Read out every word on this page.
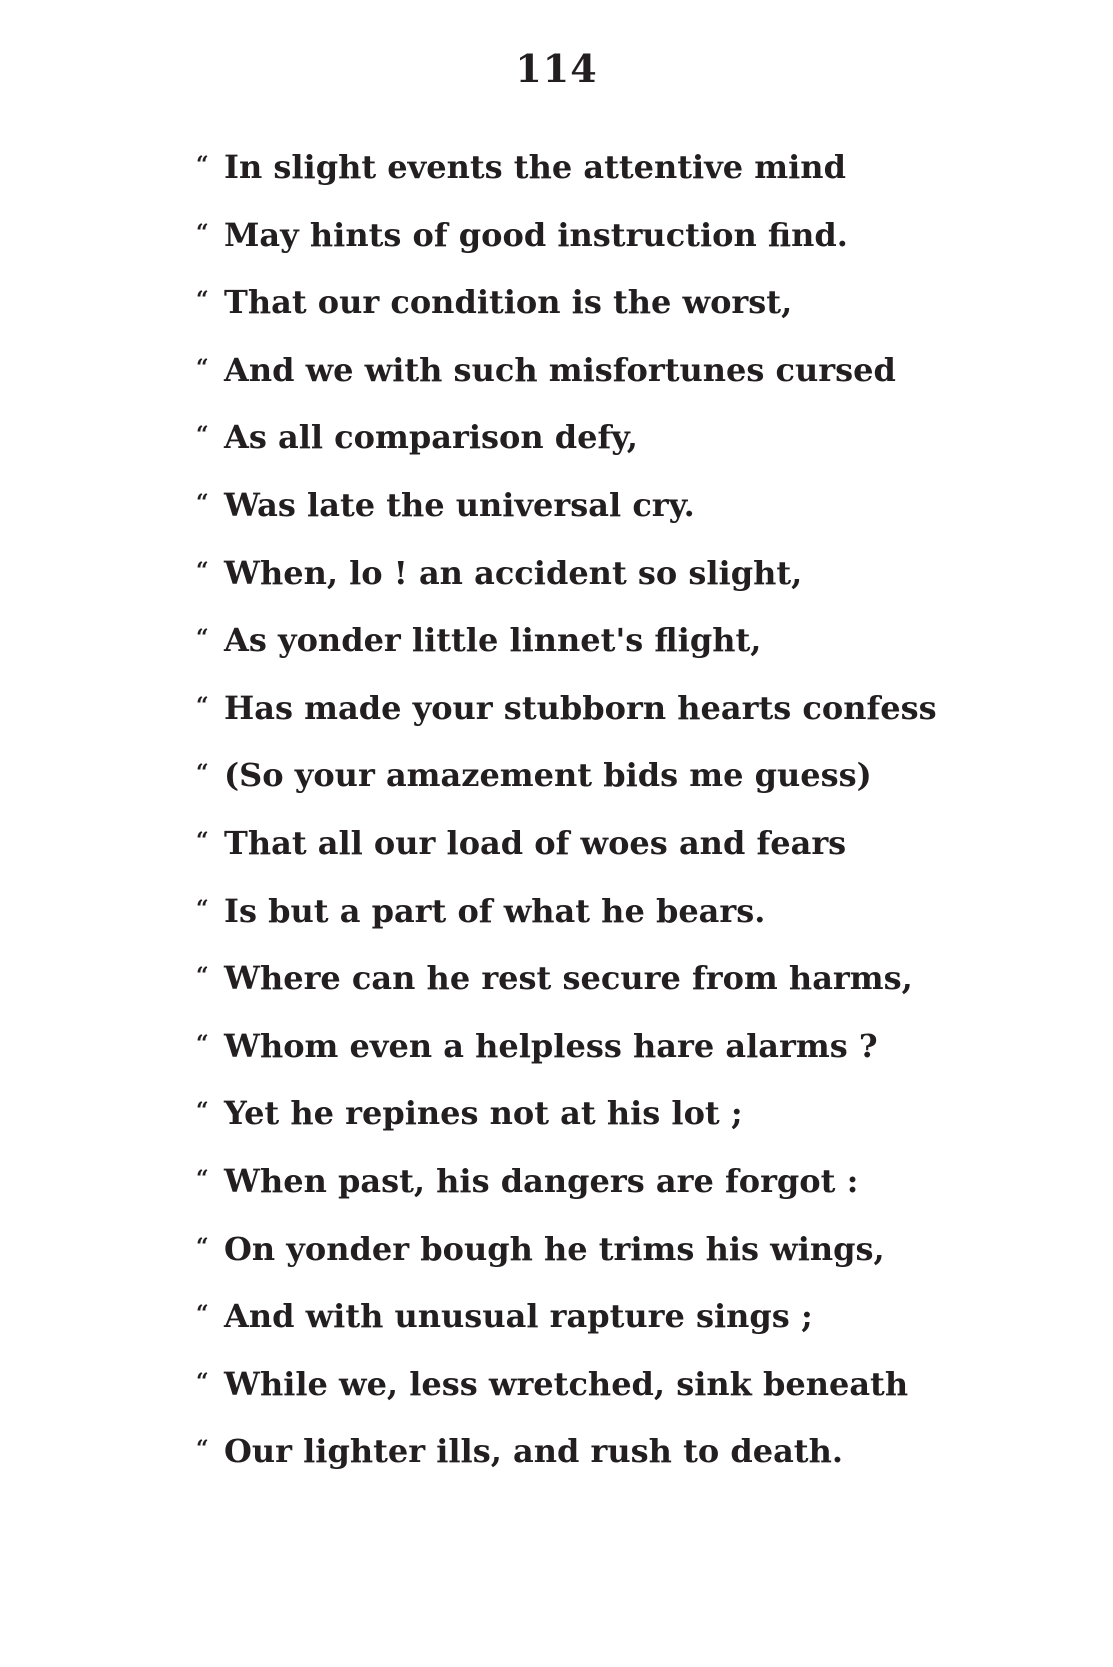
114
“ In slight events the attentive mind
“ May hints of good instruction find.
“ That our condition is the worst,
“ And we with such misfortunes cursed
“ As all comparison defy,
“ Was late the universal cry.
“ When, lo ! an accident so slight,
“ As yonder little linnet's flight,
“ Has made your stubborn hearts confess
“ (So your amazement bids me guess)
“ That all our load of woes and fears
“ Is but a part of what he bears.
“ Where can he rest secure from harms,
“ Whom even a helpless hare alarms ?
“ Yet he repines not at his lot ;
“ When past, his dangers are forgot :
“ On yonder bough he trims his wings,
“ And with unusual rapture sings ;
“ While we, less wretched, sink beneath
“ Our lighter ills, and rush to death.
